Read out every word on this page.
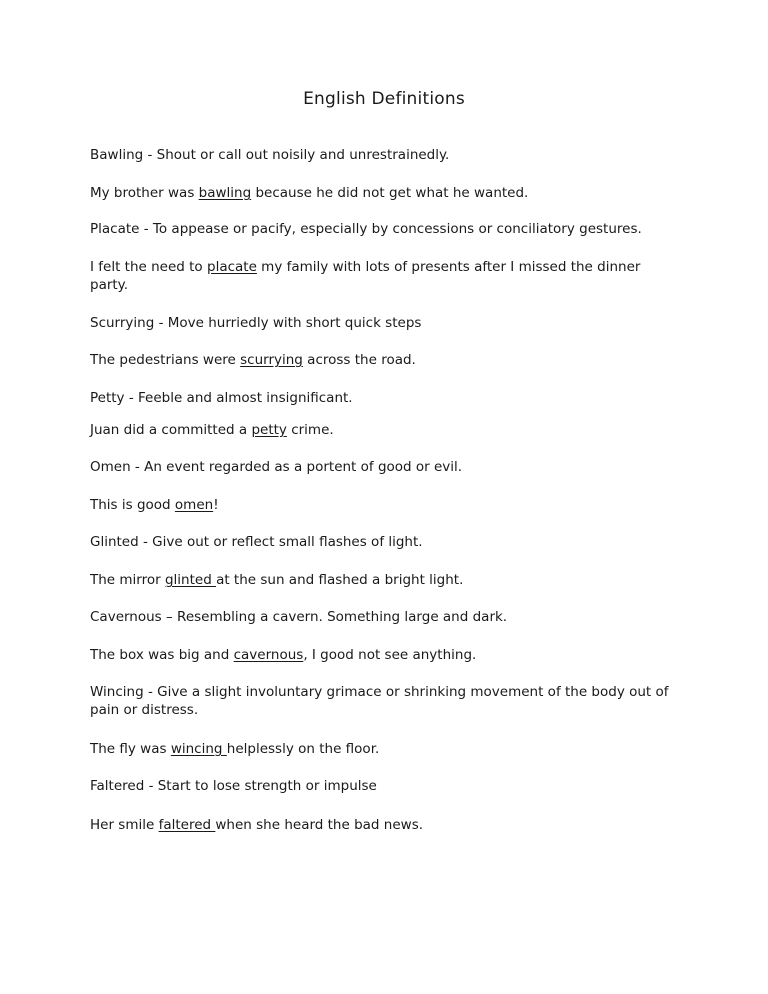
English Definitions
Bawling - Shout or call out noisily and unrestrainedly.
My brother was bawling because he did not get what he wanted.
Placate - To appease or pacify, especially by concessions or conciliatory gestures.
I felt the need to placate my family with lots of presents after I missed the dinner party.
Scurrying - Move hurriedly with short quick steps
The pedestrians were scurrying across the road.
Petty - Feeble and almost insignificant.
Juan did a committed a petty crime.
Omen - An event regarded as a portent of good or evil.
This is good omen!
Glinted - Give out or reflect small flashes of light.
The mirror glinted at the sun and flashed a bright light.
Cavernous – Resembling a cavern. Something large and dark.
The box was big and cavernous, I good not see anything.
Wincing - Give a slight involuntary grimace or shrinking movement of the body out of pain or distress.
The fly was wincing helplessly on the floor.
Faltered - Start to lose strength or impulse
Her smile faltered when she heard the bad news.
